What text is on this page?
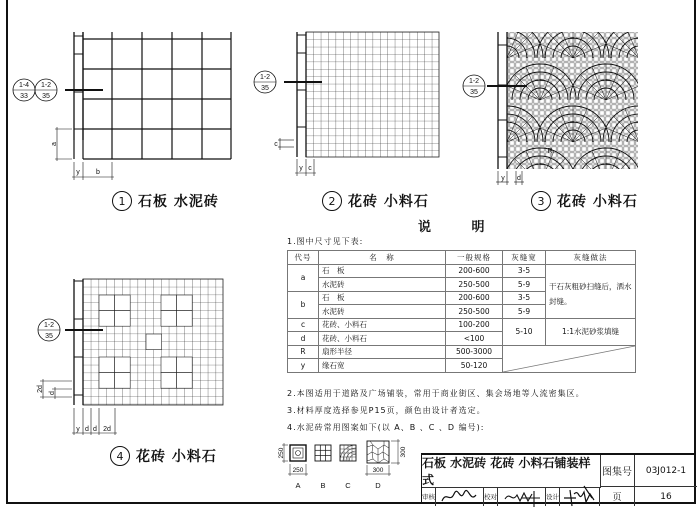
1-4
33
1-2
35
a
y b
1 石板 水泥砖
1-2
35
c
y c
2 花砖 小料石
1-2
35
y d
R
3 花砖 小料石
1-2
35
2d
d
y d d 2d
4 花砖 小料石
说 明
1.图中尺寸见下表:
代号	名　称	一般规格	灰缝宽	灰缝做法
a	石　板	200-600	3-5	干石灰粗砂扫缝后，洒水封缝。
	水泥砖	250-500	5-9	
b	石　板	200-600	3-5	
	水泥砖	250-500	5-9	
c	花砖、小料石	100-200	5-10	1:1水泥砂浆填缝
d	花砖、小料石	<100		
R	扇形半径	500-3000	

y	缘石宽	50-120		
2.本图适用于道路及广场铺装，常用于商业街区、集会场地等人流密集区。
3.材料厚度选择参见P15页，颜色由设计者选定。
4.水泥砖常用图案如下(以 A、B 、C 、D 编号):
250
250
300
300
A	B	C	D
石板 水泥砖 花砖 小料石铺装样式
图集号	03J012-1
审核	校对	设计	页	16
